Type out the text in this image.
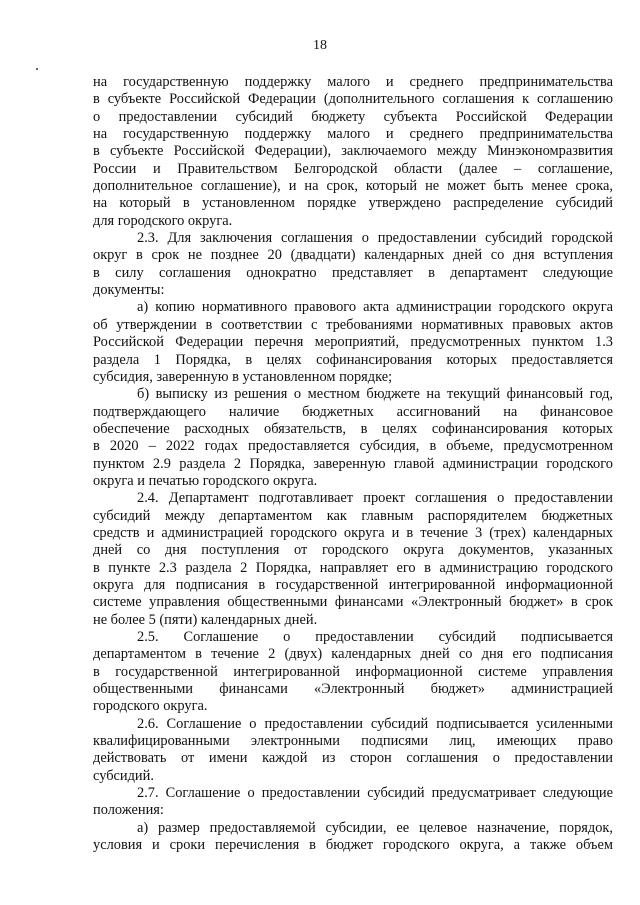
18
на государственную поддержку малого и среднего предпринимательства
в субъекте Российской Федерации (дополнительного соглашения к соглашению
о предоставлении субсидий бюджету субъекта Российской Федерации
на государственную поддержку малого и среднего предпринимательства
в субъекте Российской Федерации), заключаемого между Минэкономразвития
России и Правительством Белгородской области (далее – соглашение,
дополнительное соглашение), и на срок, который не может быть менее срока,
на который в установленном порядке утверждено распределение субсидий
для городского округа.
2.3. Для заключения соглашения о предоставлении субсидий городской
округ в срок не позднее 20 (двадцати) календарных дней со дня вступления
в силу соглашения однократно представляет в департамент следующие
документы:
а) копию нормативного правового акта администрации городского округа
об утверждении в соответствии с требованиями нормативных правовых актов
Российской Федерации перечня мероприятий, предусмотренных пунктом 1.3
раздела 1 Порядка, в целях софинансирования которых предоставляется
субсидия, заверенную в установленном порядке;
б) выписку из решения о местном бюджете на текущий финансовый год,
подтверждающего наличие бюджетных ассигнований на финансовое
обеспечение расходных обязательств, в целях софинансирования которых
в 2020 – 2022 годах предоставляется субсидия, в объеме, предусмотренном
пунктом 2.9 раздела 2 Порядка, заверенную главой администрации городского
округа и печатью городского округа.
2.4. Департамент подготавливает проект соглашения о предоставлении
субсидий между департаментом как главным распорядителем бюджетных
средств и администрацией городского округа и в течение 3 (трех) календарных
дней со дня поступления от городского округа документов, указанных
в пункте 2.3 раздела 2 Порядка, направляет его в администрацию городского
округа для подписания в государственной интегрированной информационной
системе управления общественными финансами «Электронный бюджет» в срок
не более 5 (пяти) календарных дней.
2.5. Соглашение о предоставлении субсидий подписывается
департаментом в течение 2 (двух) календарных дней со дня его подписания
в государственной интегрированной информационной системе управления
общественными финансами «Электронный бюджет» администрацией
городского округа.
2.6. Соглашение о предоставлении субсидий подписывается усиленными
квалифицированными электронными подписями лиц, имеющих право
действовать от имени каждой из сторон соглашения о предоставлении
субсидий.
2.7. Соглашение о предоставлении субсидий предусматривает следующие
положения:
а) размер предоставляемой субсидии, ее целевое назначение, порядок,
условия и сроки перечисления в бюджет городского округа, а также объем
